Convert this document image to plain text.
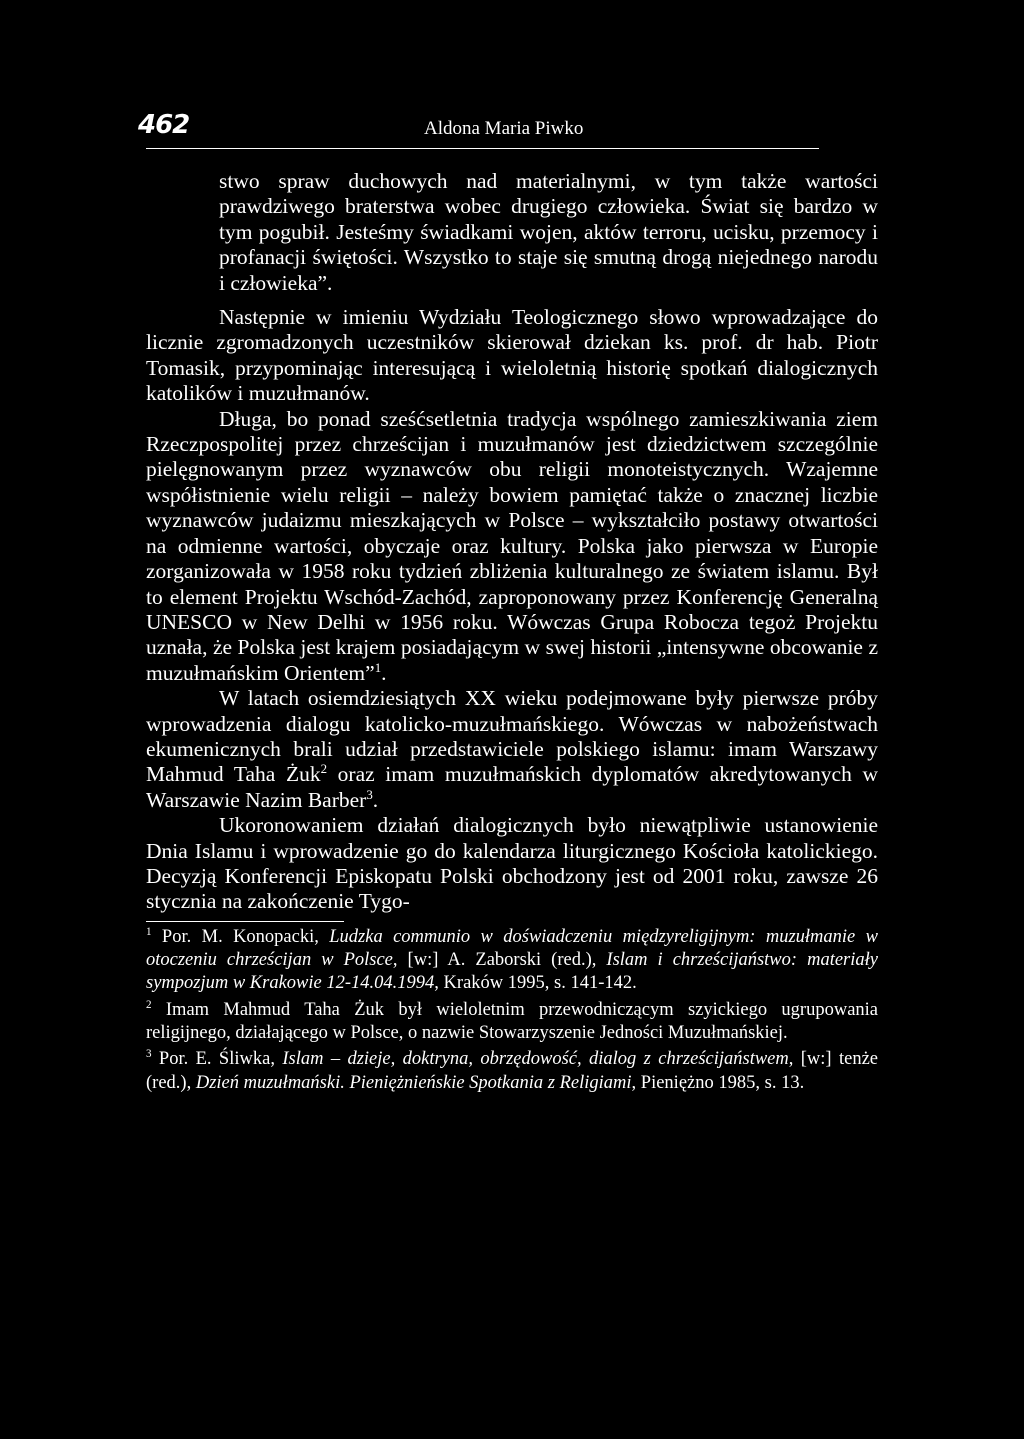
462	Aldona Maria Piwko

stwo spraw duchowych nad materialnymi, w tym także wartości prawdziwego braterstwa wobec drugiego człowieka. Świat się bardzo w tym pogubił. Jesteśmy świadkami wojen, aktów terroru, ucisku, przemocy i profanacji świętości. Wszystko to staje się smutną drogą niejednego narodu i człowieka”.

Następnie w imieniu Wydziału Teologicznego słowo wprowadzające do licznie zgromadzonych uczestników skierował dziekan ks. prof. dr hab. Piotr Tomasik, przypominając interesującą i wieloletnią historię spotkań dialogicznych katolików i muzułmanów.

Długa, bo ponad sześćsetletnia tradycja wspólnego zamieszkiwania ziem Rzeczpospolitej przez chrześcijan i muzułmanów jest dziedzictwem szczególnie pielęgnowanym przez wyznawców obu religii monoteistycznych. Wzajemne współistnienie wielu religii – należy bowiem pamiętać także o znacznej liczbie wyznawców judaizmu mieszkających w Polsce – wykształciło postawy otwartości na odmienne wartości, obyczaje oraz kultury. Polska jako pierwsza w Europie zorganizowała w 1958 roku tydzień zbliżenia kulturalnego ze światem islamu. Był to element Projektu Wschód-Zachód, zaproponowany przez Konferencję Generalną UNESCO w New Delhi w 1956 roku. Wówczas Grupa Robocza tegoż Projektu uznała, że Polska jest krajem posiadającym w swej historii „intensywne obcowanie z muzułmańskim Orientem”$^1$.

W latach osiemdziesiątych XX wieku podejmowane były pierwsze próby wprowadzenia dialogu katolicko-muzułmańskiego. Wówczas w nabożeństwach ekumenicznych brali udział przedstawiciele polskiego islamu: imam Warszawy Mahmud Taha Żuk$^2$ oraz imam muzułmańskich dyplomatów akredytowanych w Warszawie Nazim Barber$^3$.

Ukoronowaniem działań dialogicznych było niewątpliwie ustanowienie Dnia Islamu i wprowadzenie go do kalendarza liturgicznego Kościoła katolickiego. Decyzją Konferencji Episkopatu Polski obchodzony jest od 2001 roku, zawsze 26 stycznia na zakończenie Tygo-

$^1$ Por. M. Konopacki, Ludzka communio w doświadczeniu międzyreligijnym: muzułmanie w otoczeniu chrześcijan w Polsce, [w:] A. Zaborski (red.), Islam i chrześcijaństwo: materiały sympozjum w Krakowie 12-14.04.1994, Kraków 1995, s. 141-142.

$^2$ Imam Mahmud Taha Żuk był wieloletnim przewodniczącym szyickiego ugrupowania religijnego, działającego w Polsce, o nazwie Stowarzyszenie Jedności Muzułmańskiej.

$^3$ Por. E. Śliwka, Islam – dzieje, doktryna, obrzędowość, dialog z chrześcijaństwem, [w:] tenże (red.), Dzień muzułmański. Pieniężnieńskie Spotkania z Religiami, Pieniężno 1985, s. 13.
